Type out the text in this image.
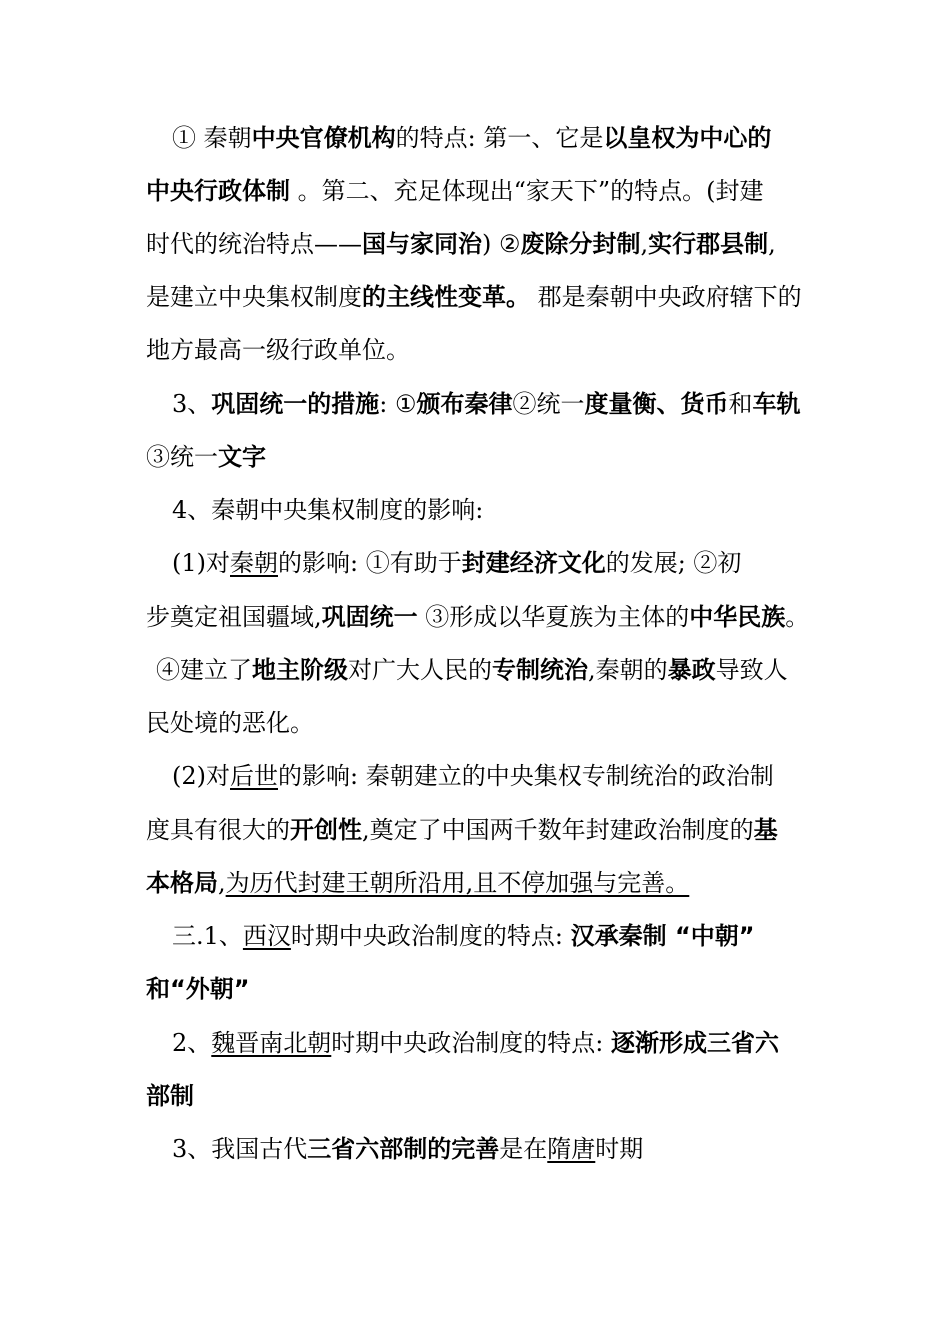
① 秦朝中央官僚机构的特点: 第一、它是以皇权为中心的
中央行政体制 。第二、充足体现出“家天下”的特点。(封建
时代的统治特点——国与家同治) ②废除分封制,实行郡县制,
是建立中央集权制度的主线性变革。 郡是秦朝中央政府辖下的
地方最高一级行政单位。
3、巩固统一的措施: ①颁布秦律②统一度量衡、货币和车轨
③统一文字
4、秦朝中央集权制度的影响:
(1)对秦朝的影响: ①有助于封建经济文化的发展; ②初
步奠定祖国疆域,巩固统一 ③形成以华夏族为主体的中华民族。
④建立了地主阶级对广大人民的专制统治,秦朝的暴政导致人
民处境的恶化。
(2)对后世的影响: 秦朝建立的中央集权专制统治的政治制
度具有很大的开创性,奠定了中国两千数年封建政治制度的基
本格局,为历代封建王朝所沿用,且不停加强与完善。
三.1、西汉时期中央政治制度的特点: 汉承秦制 “中朝”
和“外朝”
2、魏晋南北朝时期中央政治制度的特点: 逐渐形成三省六
部制
3、我国古代三省六部制的完善是在隋唐时期
